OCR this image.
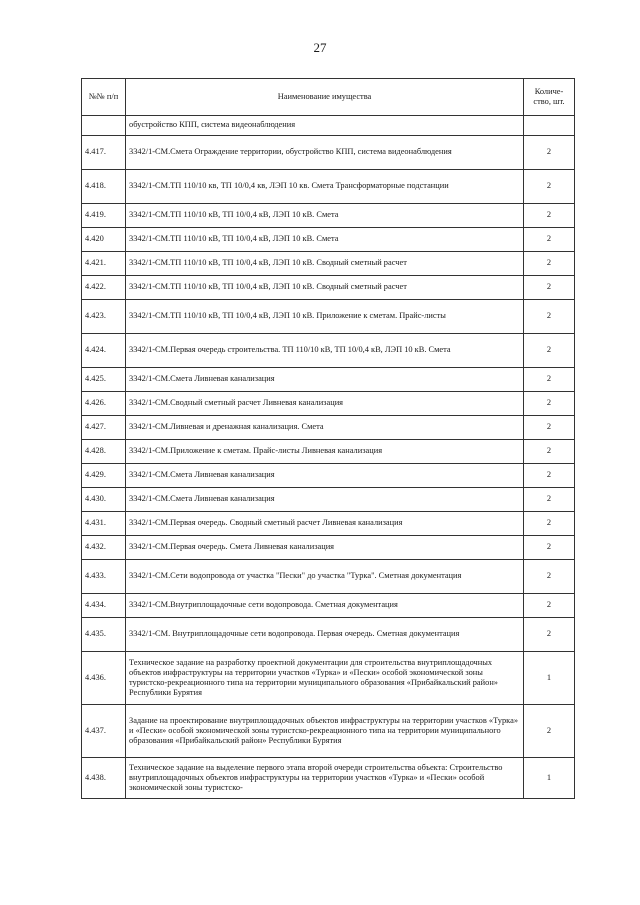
27
№№ п/п	Наименование имущества	Количе-ство, шт.
	обустройство КПП, система видеонаблюдения	
4.417.	3342/1-СМ.Смета Ограждение территории, обустройство КПП, система видеонаблюдения	2
4.418.	3342/1-СМ.ТП 110/10 кв, ТП 10/0,4 кв, ЛЭП 10 кв. Смета Трансформаторные подстанции	2
4.419.	3342/1-СМ.ТП 110/10 кВ, ТП 10/0,4 кВ, ЛЭП 10 кВ. Смета	2
4.420	3342/1-СМ.ТП 110/10 кВ, ТП 10/0,4 кВ, ЛЭП 10 кВ. Смета	2
4.421.	3342/1-СМ.ТП 110/10 кВ, ТП 10/0,4 кВ, ЛЭП 10 кВ. Сводный сметный расчет	2
4.422.	3342/1-СМ.ТП 110/10 кВ, ТП 10/0,4 кВ, ЛЭП 10 кВ. Сводный сметный расчет	2
4.423.	3342/1-СМ.ТП 110/10 кВ, ТП 10/0,4 кВ, ЛЭП 10 кВ. Приложение к сметам. Прайс-листы	2
4.424.	3342/1-СМ.Первая очередь строительства. ТП 110/10 кВ, ТП 10/0,4 кВ, ЛЭП 10 кВ. Смета	2
4.425.	3342/1-СМ.Смета Ливневая канализация	2
4.426.	3342/1-СМ.Сводный сметный расчет Ливневая канализация	2
4.427.	3342/1-СМ.Ливневая и дренажная канализация. Смета	2
4.428.	3342/1-СМ.Приложение к сметам. Прайс-листы Ливневая канализация	2
4.429.	3342/1-СМ.Смета Ливневая канализация	2
4.430.	3342/1-СМ.Смета Ливневая канализация	2
4.431.	3342/1-СМ.Первая очередь. Сводный сметный расчет Ливневая канализация	2
4.432.	3342/1-СМ.Первая очередь. Смета Ливневая канализация	2
4.433.	3342/1-СМ.Сети водопровода от участка "Пески" до участка "Турка". Сметная документация	2
4.434.	3342/1-СМ.Внутриплощадочные сети водопровода. Сметная документация	2
4.435.	3342/1-СМ. Внутриплощадочные сети водопровода. Первая очередь. Сметная документация	2
4.436.	Техническое задание на разработку проектной документации для строительства внутриплощадочных объектов инфраструктуры на территории участков «Турка» и «Пески» особой экономической зоны туристско-рекреационного типа на территории муниципального образования «Прибайкальский район» Республики Бурятия	1
4.437.	Задание на проектирование внутриплощадочных объектов инфраструктуры на территории участков «Турка» и «Пески» особой экономической зоны туристско-рекреационного типа на территории муниципального образования «Прибайкальский район» Республики Бурятия	2
4.438.	Техническое задание на выделение первого этапа второй очереди строительства объекта: Строительство внутриплощадочных объектов инфраструктуры на территории участков «Турка» и «Пески» особой экономической зоны туристско-	1
